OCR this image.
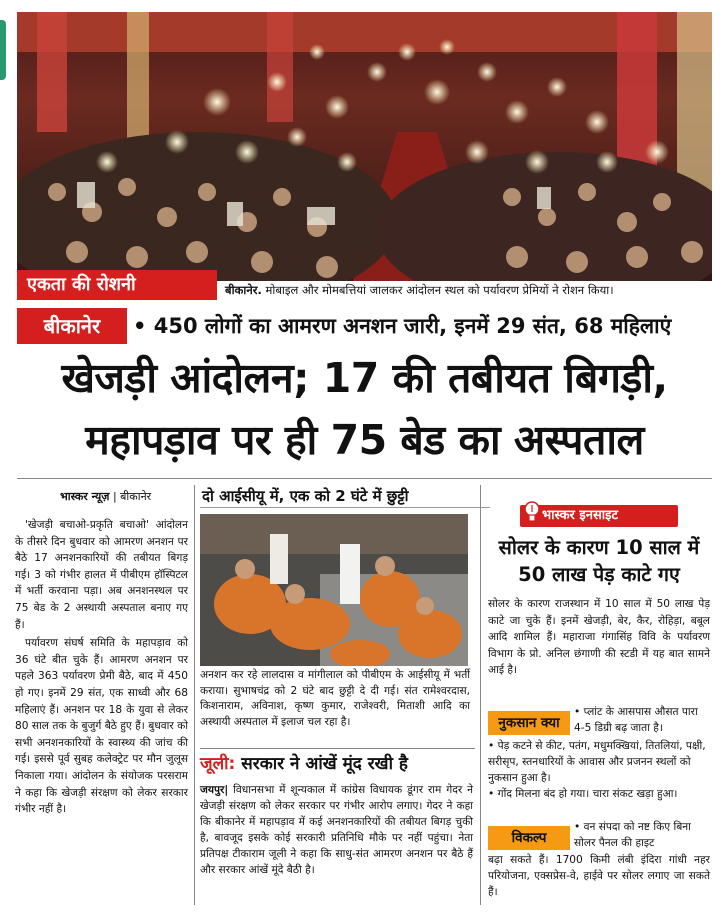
एकता की रोशनी	बीकानेर. मोबाइल और मोमबत्तियां जालकर आंदोलन स्थल को पर्यावरण प्रेमियों ने रोशन किया।
बीकानेर	• 450 लोगों का आमरण अनशन जारी, इनमें 29 संत, 68 महिलाएं
खेजड़ी आंदोलन; 17 की तबीयत बिगड़ी,
महापड़ाव पर ही 75 बेड का अस्पताल
भास्कर न्यूज़ | बीकानेर

'खेजड़ी बचाओ-प्रकृति बचाओ' आंदोलन के तीसरे दिन बुधवार को आमरण अनशन पर बैठे 17 अनशनकारियों की तबीयत बिगड़ गई। 3 को गंभीर हालत में पीबीएम हॉस्पिटल में भर्ती करवाना पड़ा। अब अनशनस्थल पर 75 बेड के 2 अस्थायी अस्पताल बनाए गए हैं।

पर्यावरण संघर्ष समिति के महापड़ाव को 36 घंटे बीत चुके हैं। आमरण अनशन पर पहले 363 पर्यावरण प्रेमी बैठे, बाद में 450 हो गए। इनमें 29 संत, एक साध्वी और 68 महिलाएं हैं। अनशन पर 18 के युवा से लेकर 80 साल तक के बुजुर्ग बैठे हुए हैं। बुधवार को सभी अनशनकारियों के स्वास्थ्य की जांच की गई। इससे पूर्व सुबह कलेक्ट्रेट पर मौन जुलूस निकाला गया। आंदोलन के संयोजक परसराम ने कहा कि खेजड़ी संरक्षण को लेकर सरकार गंभीर नहीं है।

दो आईसीयू में, एक को 2 घंटे में छुट्टी
अनशन कर रहे लालदास व मांगीलाल को पीबीएम के आईसीयू में भर्ती कराया। सुभाषचंद्र को 2 घंटे बाद छुट्टी दे दी गई। संत रामेश्वरदास, किशनाराम, अविनाश, कृष्ण कुमार, राजेश्वरी, मिताशी आदि का अस्थायी अस्पताल में इलाज चल रहा है।
जूली: सरकार ने आंखें मूंद रखी है
जयपुर| विधानसभा में शून्यकाल में कांग्रेस विधायक डूंगर राम गेदर ने खेजड़ी संरक्षण को लेकर सरकार पर गंभीर आरोप लगाए। गेदर ने कहा कि बीकानेर में महापड़ाव में कई अनशनकारियों की तबीयत बिगड़ चुकी है, बावजूद इसके कोई सरकारी प्रतिनिधि मौके पर नहीं पहुंचा। नेता प्रतिपक्ष टीकाराम जूली ने कहा कि साधु-संत आमरण अनशन पर बैठे हैं और सरकार आंखें मूंदे बैठी है।
भास्कर इनसाइट
सोलर के कारण 10 साल में 50 लाख पेड़ काटे गए
सोलर के कारण राजस्थान में 10 साल में 50 लाख पेड़ काटे जा चुके हैं। इनमें खेजड़ी, बेर, कैर, रोहिड़ा, बबूल आदि शामिल हैं। महाराजा गंगासिंह विवि के पर्यावरण विभाग के प्रो. अनिल छंगाणी की स्टडी में यह बात सामने आई है।
नुकसान क्या
• प्लांट के आसपास औसत पारा 4-5 डिग्री बढ़ जाता है।
• पेड़ कटने से कीट, पतंग, मधुमक्खियां, तितलियां, पक्षी, सरीसृप, स्तनधारियों के आवास और प्रजनन स्थलों को नुकसान हुआ है।
• गोंद मिलना बंद हो गया। चारा संकट खड़ा हुआ।
विकल्प
• वन संपदा को नष्ट किए बिना सोलर पैनल की हाइट
बढ़ा सकते हैं। 1700 किमी लंबी इंदिरा गांधी नहर परियोजना, एक्सप्रेस-वे, हाईवे पर सोलर लगाए जा सकते हैं।
